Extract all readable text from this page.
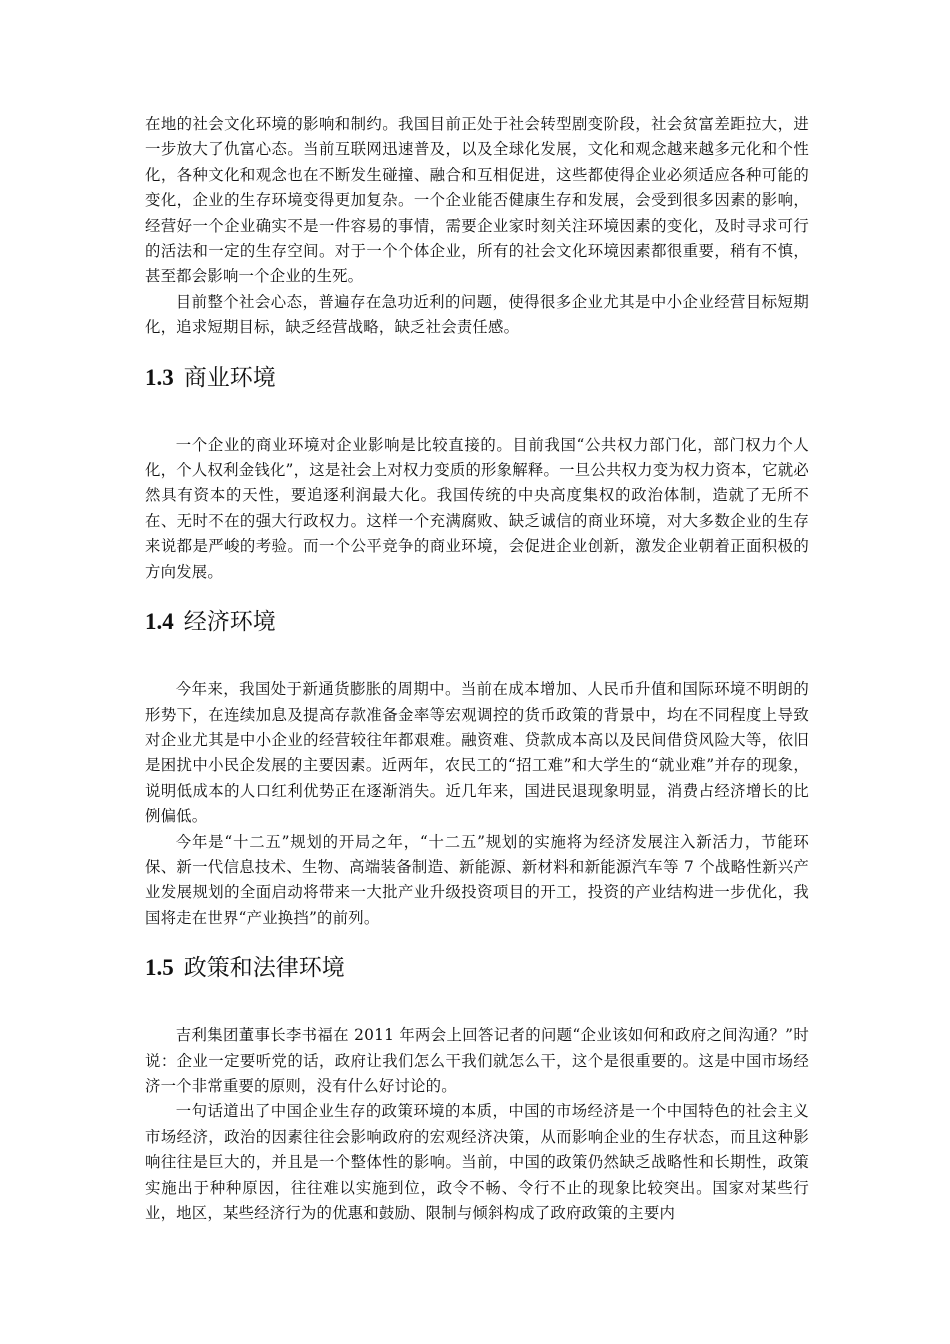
在地的社会文化环境的影响和制约。我国目前正处于社会转型剧变阶段，社会贫富差距拉大，进一步放大了仇富心态。当前互联网迅速普及，以及全球化发展，文化和观念越来越多元化和个性化，各种文化和观念也在不断发生碰撞、融合和互相促进，这些都使得企业必须适应各种可能的变化，企业的生存环境变得更加复杂。一个企业能否健康生存和发展，会受到很多因素的影响，经营好一个企业确实不是一件容易的事情，需要企业家时刻关注环境因素的变化，及时寻求可行的活法和一定的生存空间。对于一个个体企业，所有的社会文化环境因素都很重要，稍有不慎，甚至都会影响一个企业的生死。

目前整个社会心态，普遍存在急功近利的问题，使得很多企业尤其是中小企业经营目标短期化，追求短期目标，缺乏经营战略，缺乏社会责任感。

1.3 商业环境

一个企业的商业环境对企业影响是比较直接的。目前我国“公共权力部门化，部门权力个人化，个人权利金钱化”，这是社会上对权力变质的形象解释。一旦公共权力变为权力资本，它就必然具有资本的天性，要追逐利润最大化。我国传统的中央高度集权的政治体制，造就了无所不在、无时不在的强大行政权力。这样一个充满腐败、缺乏诚信的商业环境，对大多数企业的生存来说都是严峻的考验。而一个公平竞争的商业环境，会促进企业创新，激发企业朝着正面积极的方向发展。

1.4 经济环境

今年来，我国处于新通货膨胀的周期中。当前在成本增加、人民币升值和国际环境不明朗的形势下，在连续加息及提高存款准备金率等宏观调控的货币政策的背景中，均在不同程度上导致对企业尤其是中小企业的经营较往年都艰难。融资难、贷款成本高以及民间借贷风险大等，依旧是困扰中小民企发展的主要因素。近两年，农民工的“招工难”和大学生的“就业难”并存的现象，说明低成本的人口红利优势正在逐渐消失。近几年来，国进民退现象明显，消费占经济增长的比例偏低。

今年是“十二五”规划的开局之年，“十二五”规划的实施将为经济发展注入新活力，节能环保、新一代信息技术、生物、高端装备制造、新能源、新材料和新能源汽车等 7 个战略性新兴产业发展规划的全面启动将带来一大批产业升级投资项目的开工，投资的产业结构进一步优化，我国将走在世界“产业换挡”的前列。

1.5 政策和法律环境

吉利集团董事长李书福在 2011 年两会上回答记者的问题“企业该如何和政府之间沟通？”时说：企业一定要听党的话，政府让我们怎么干我们就怎么干，这个是很重要的。这是中国市场经济一个非常重要的原则，没有什么好讨论的。

一句话道出了中国企业生存的政策环境的本质，中国的市场经济是一个中国特色的社会主义市场经济，政治的因素往往会影响政府的宏观经济决策，从而影响企业的生存状态，而且这种影响往往是巨大的，并且是一个整体性的影响。当前，中国的政策仍然缺乏战略性和长期性，政策实施出于种种原因，往往难以实施到位，政令不畅、令行不止的现象比较突出。国家对某些行业，地区，某些经济行为的优惠和鼓励、限制与倾斜构成了政府政策的主要内
